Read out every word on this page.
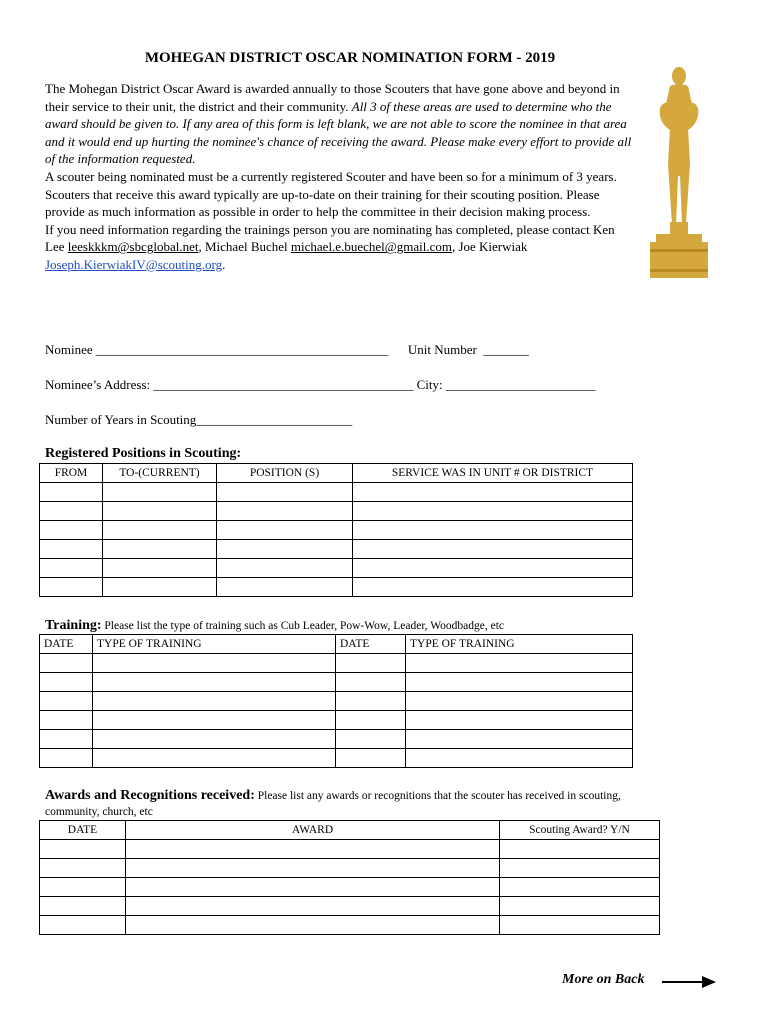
MOHEGAN DISTRICT OSCAR NOMINATION FORM - 2019

The Mohegan District Oscar Award is awarded annually to those Scouters that have gone above and beyond in their service to their unit, the district and their community. All 3 of these areas are used to determine who the award should be given to. If any area of this form is left blank, we are not able to score the nominee in that area and it would end up hurting the nominee's chance of receiving the award. Please make every effort to provide all of the information requested.

A scouter being nominated must be a currently registered Scouter and have been so for a minimum of 3 years.

Scouters that receive this award typically are up-to-date on their training for their scouting position. Please provide as much information as possible in order to help the committee in their decision making process.

If you need information regarding the trainings person you are nominating has completed, please contact Ken Lee leeskkkm@sbcglobal.net, Michael Buchel michael.e.buechel@gmail.com, Joe Kierwiak Joseph.KierwiakIV@scouting.org.

Nominee _____________________________________________      Unit Number  _______
Nominee’s Address: ________________________________________ City: _______________________
Number of Years in Scouting________________________
Registered Positions in Scouting:
FROM	TO-(CURRENT)	POSITION (S)	SERVICE WAS IN UNIT # OR DISTRICT

Training: Please list the type of training such as Cub Leader, Pow-Wow, Leader, Woodbadge, etc
DATE	TYPE OF TRAINING	DATE	TYPE OF TRAINING

Awards and Recognitions received: Please list any awards or recognitions that the scouter has received in scouting,
community, church, etc
DATE	AWARD	Scouting Award? Y/N

More on Back
